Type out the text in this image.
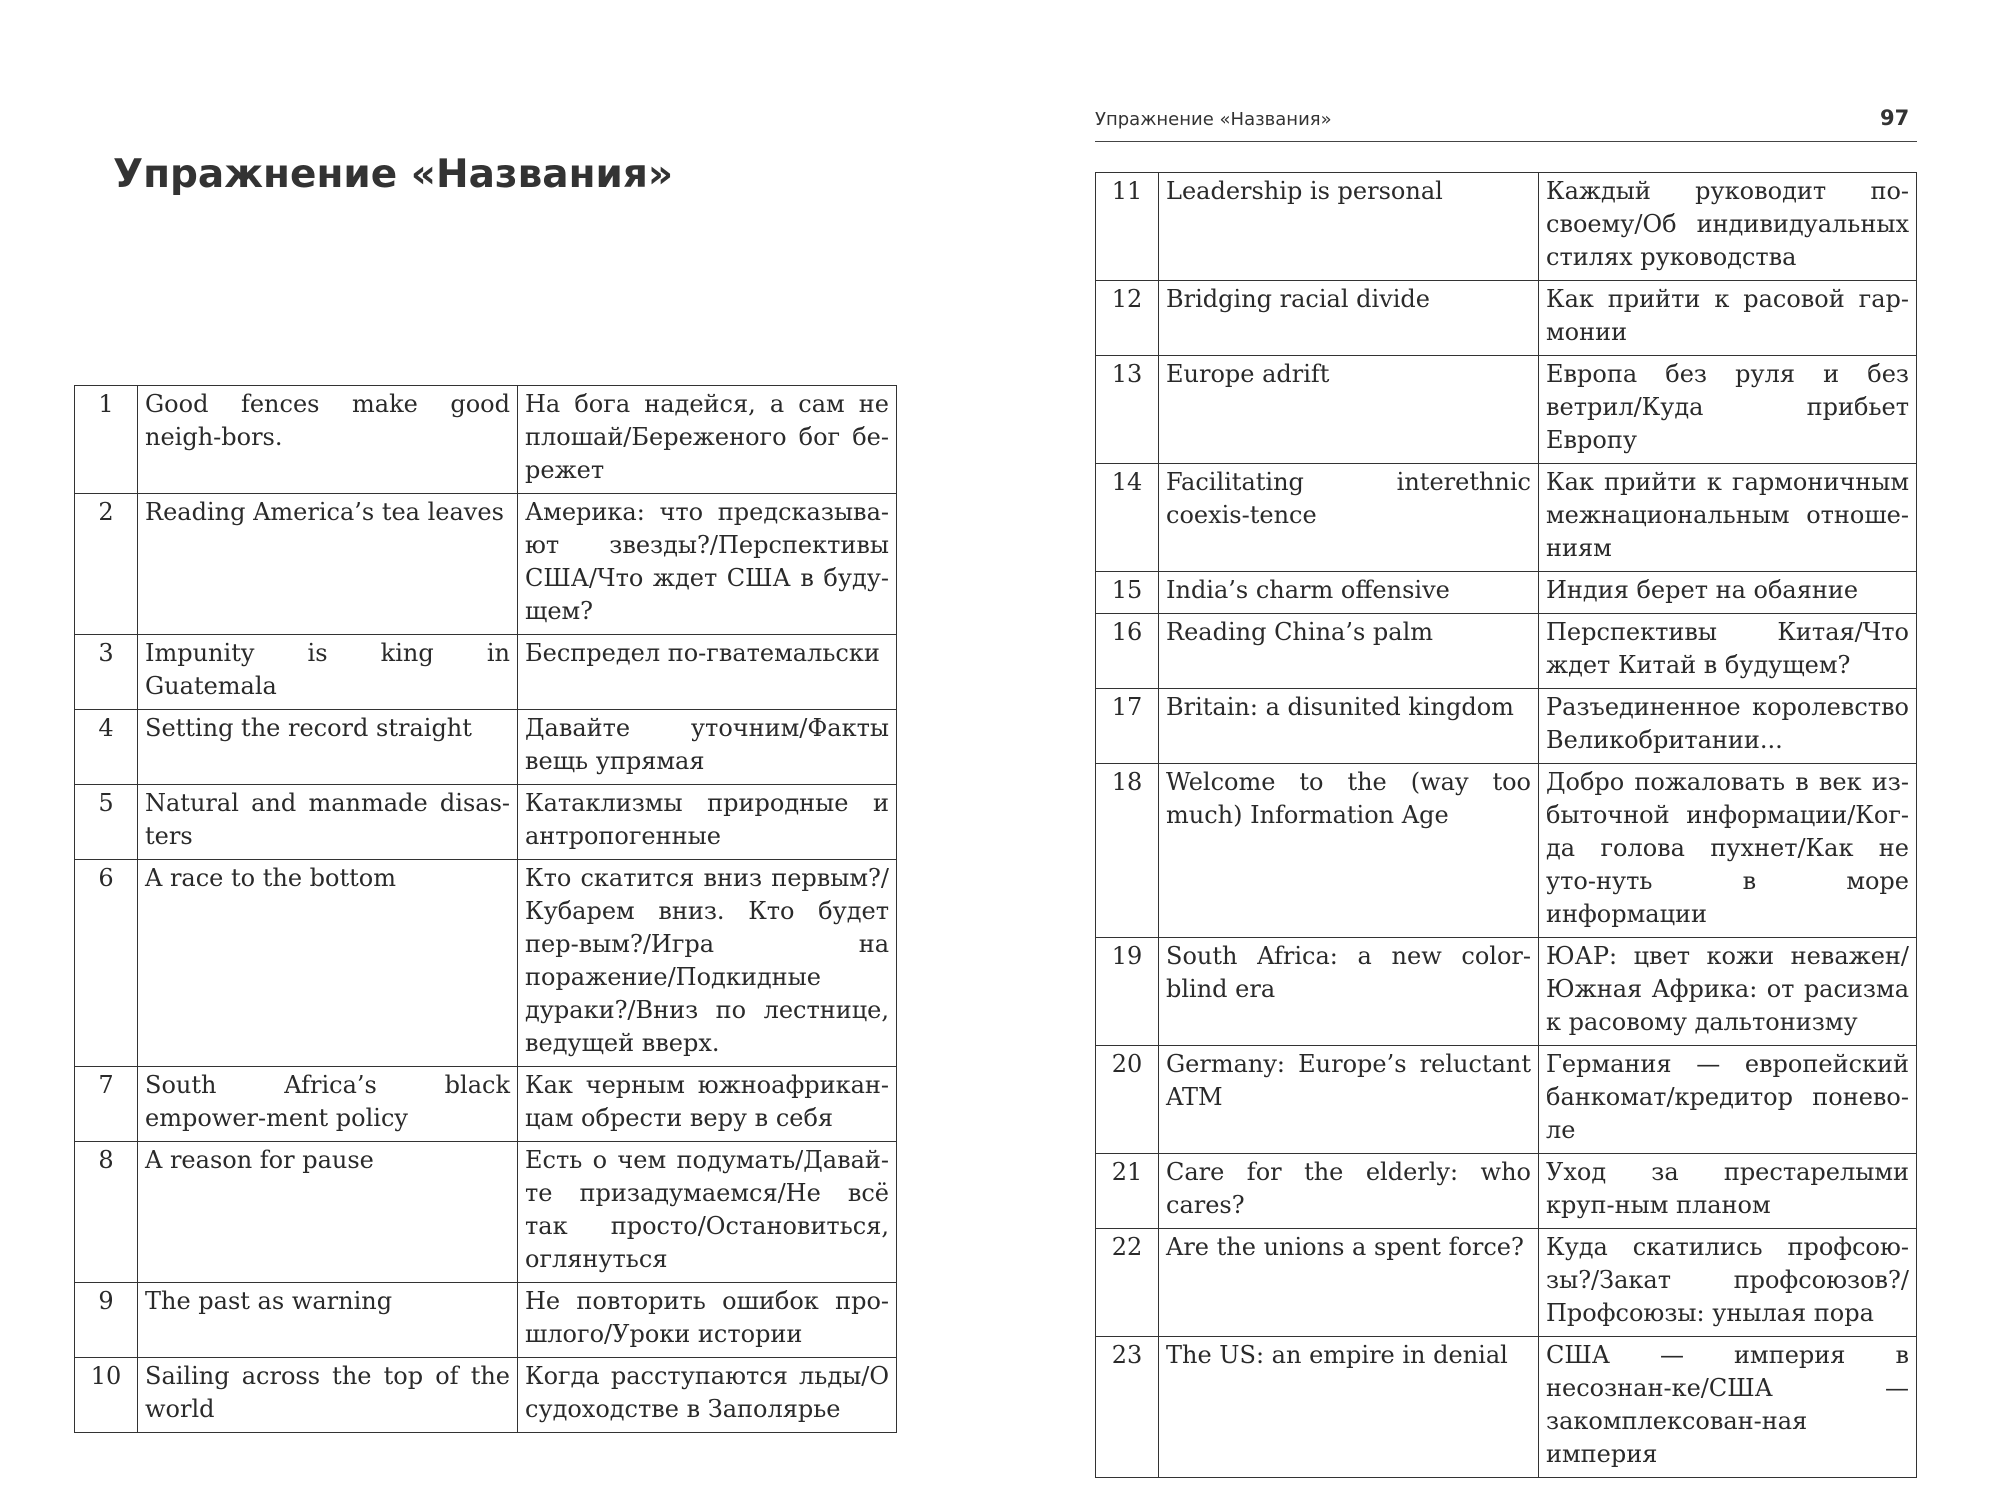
Упражнение «Названия»
1	Good fences make good neigh-bors.	На бога надейся, а сам не плошай/Береженого бог бе-режет
2	Reading America’s tea leaves	Америка: что предсказыва-ют звезды?/Перспективы США/Что ждет США в буду-щем?
3	Impunity is king in Guatemala	Беспредел по-гватемальски
4	Setting the record straight	Давайте уточним/Факты вещь упрямая
5	Natural and manmade disas-ters	Катаклизмы природные и антропогенные
6	A race to the bottom	Кто скатится вниз первым?/Кубарем вниз. Кто будет пер-вым?/Игра на поражение/Подкидные дураки?/Вниз по лестнице, ведущей вверх.
7	South Africa’s black empower-ment policy	Как черным южноафрикан-цам обрести веру в себя
8	A reason for pause	Есть о чем подумать/Давай-те призадумаемся/Не всё так просто/Остановиться, оглянуться
9	The past as warning	Не повторить ошибок про-шлого/Уроки истории
10	Sailing across the top of the world	Когда расступаются льды/О судоходстве в Заполярье
Упражнение «Названия»	97
11	Leadership is personal	Каждый руководит по-своему/Об индивидуальных стилях руководства
12	Bridging racial divide	Как прийти к расовой гар-монии
13	Europe adrift	Европа без руля и без ветрил/Куда прибьет Европу
14	Facilitating interethnic coexis-tence	Как прийти к гармоничным межнациональным отноше-ниям
15	India’s charm offensive	Индия берет на обаяние
16	Reading China’s palm	Перспективы Китая/Что ждет Китай в будущем?
17	Britain: a disunited kingdom	Разъединенное королевство Великобритании...
18	Welcome to the (way too much) Information Age	Добро пожаловать в век из-быточной информации/Ког-да голова пухнет/Как не уто-нуть в море информации
19	South Africa: a new color-blind era	ЮАР: цвет кожи неважен/Южная Африка: от расизма к расовому дальтонизму
20	Germany: Europe’s reluctant ATM	Германия — европейский банкомат/кредитор понево-ле
21	Care for the elderly: who cares?	Уход за престарелыми круп-ным планом
22	Are the unions a spent force?	Куда скатились профсою-зы?/Закат профсоюзов?/Профсоюзы: унылая пора
23	The US: an empire in denial	США — империя в несознан-ке/США — закомплексован-ная империя
